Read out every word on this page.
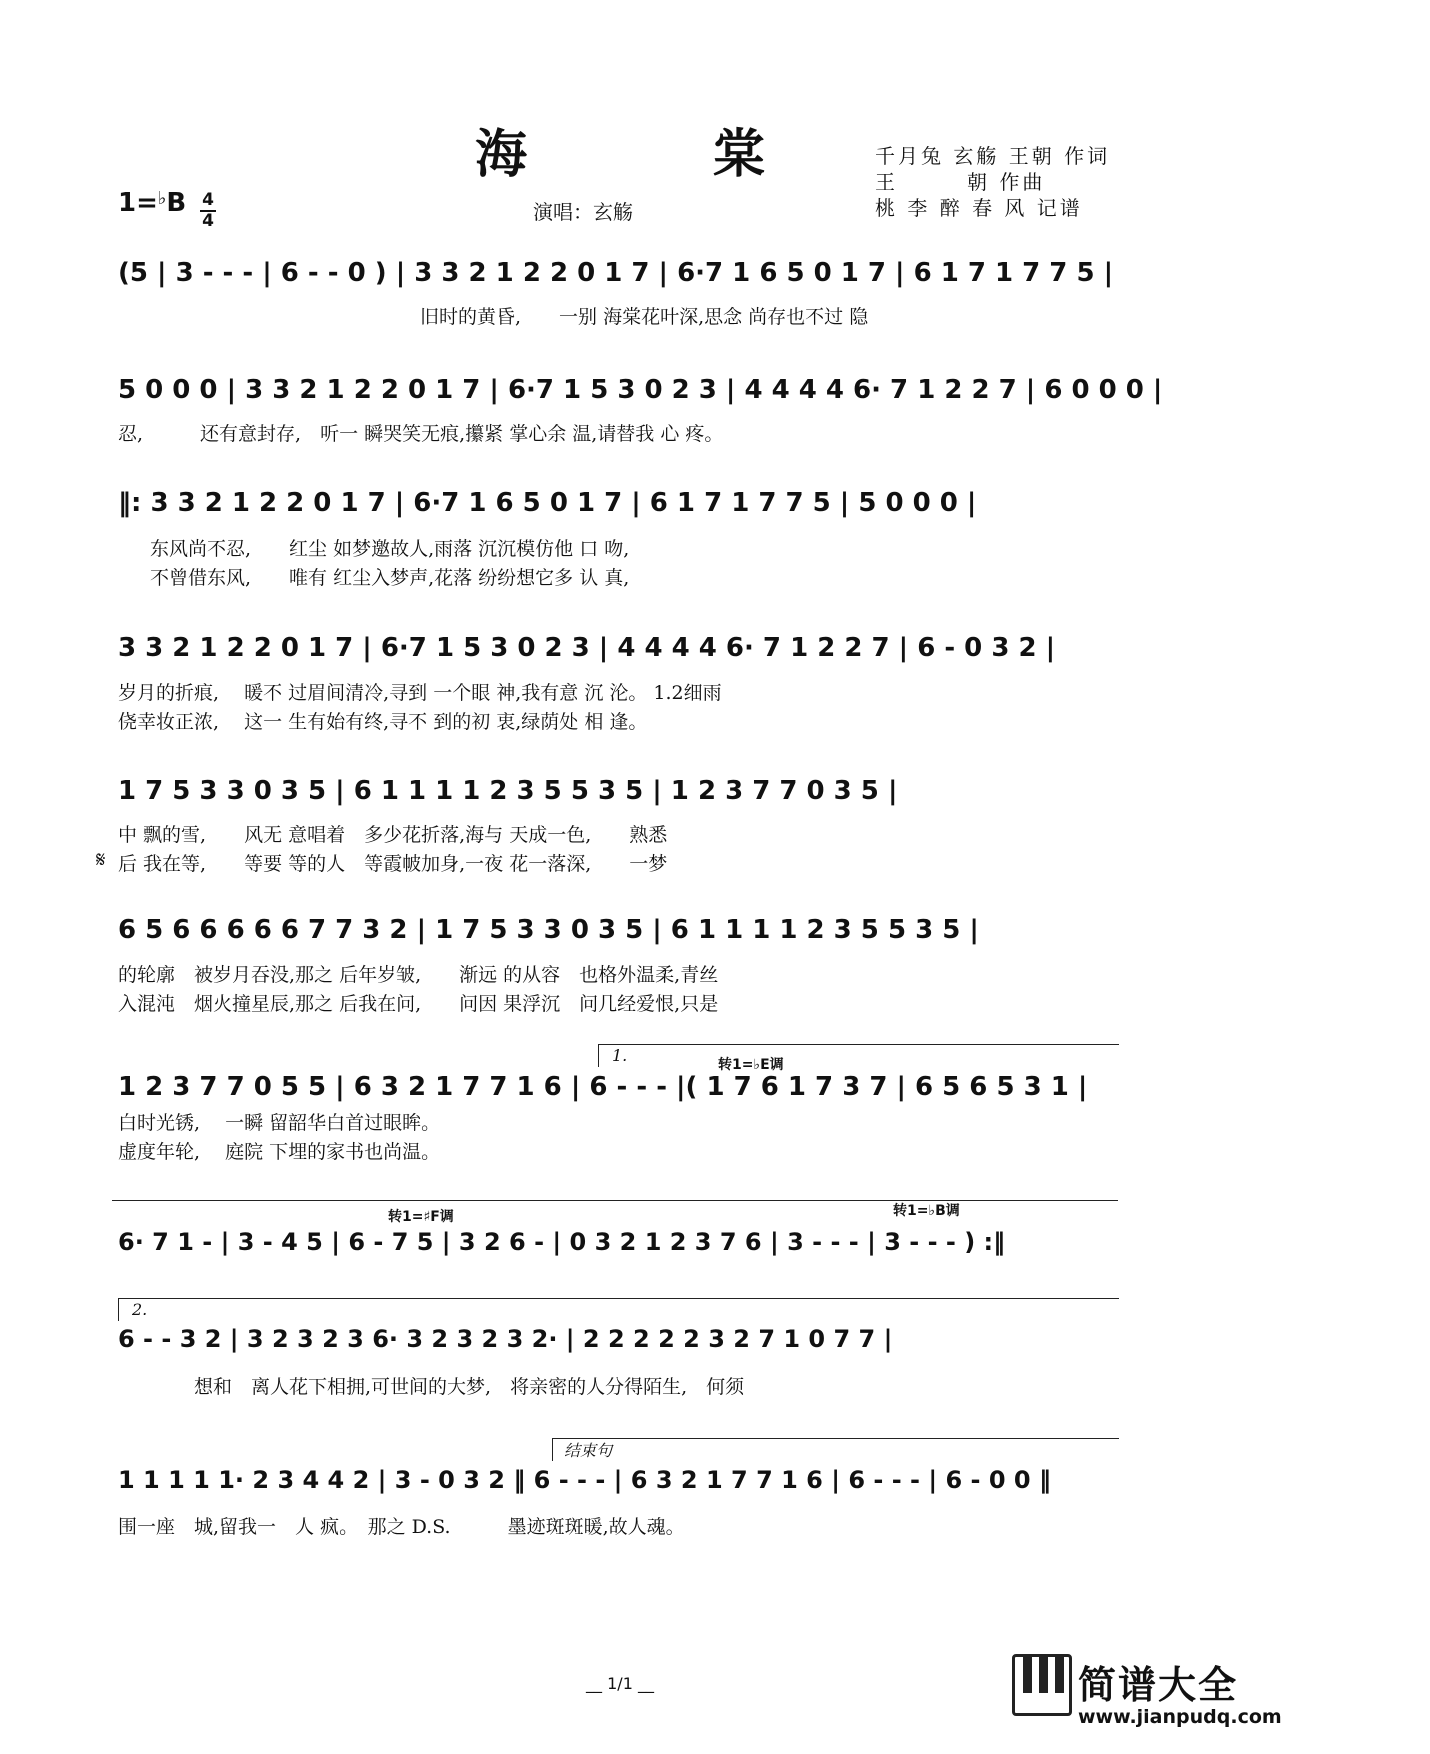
海 棠	千月兔 玄觞 王朝 作词
王　　　朝 作曲
桃 李 醉 春 风 记谱
1=♭B 4
4	演唱：玄觞
(5 | 3 - - - | 6 - - 0 ) | 3 3 2 1 2 2 0 1 7 | 6·7 1 6 5 0 1 7 | 6 1 7 1 7 7 5 |
旧时的黄昏,　　一别 海棠花叶深,思念 尚存也不过 隐
5 0 0 0 | 3 3 2 1 2 2 0 1 7 | 6·7 1 5 3 0 2 3 | 4 4 4 4 6· 7 1 2 2 7 | 6 0 0 0 |
忍,　　　还有意封存,　听一 瞬哭笑无痕,攥紧 掌心余 温,请替我 心 疼。
‖: 3 3 2 1 2 2 0 1 7 | 6·7 1 6 5 0 1 7 | 6 1 7 1 7 7 5 | 5 0 0 0 |
东风尚不忍,　　红尘 如梦邀故人,雨落 沉沉模仿他 口 吻,
不曾借东风,　　唯有 红尘入梦声,花落 纷纷想它多 认 真,
3 3 2 1 2 2 0 1 7 | 6·7 1 5 3 0 2 3 | 4 4 4 4 6· 7 1 2 2 7 | 6 - 0 3 2 |
岁月的折痕,　 暖不 过眉间清冷,寻到 一个眼 神,我有意 沉 沦。 1.2细雨
侥幸妆正浓,　 这一 生有始有终,寻不 到的初 衷,绿荫处 相 逢。
1 7 5 3 3 0 3 5 | 6 1 1 1 1 2 3 5 5 3 5 | 1 2 3 7 7 0 3 5 |
中 飘的雪,　　风无 意唱着　多少花折落,海与 天成一色,　　熟悉
𝄋 后 我在等,　　等要 等的人　等霞帔加身,一夜 花一落深,　　一梦
6 5 6 6 6 6 6 7 7 3 2 | 1 7 5 3 3 0 3 5 | 6 1 1 1 1 2 3 5 5 3 5 |
的轮廓　被岁月吞没,那之 后年岁皱,　　渐远 的从容　也格外温柔,青丝
入混沌　烟火撞星辰,那之 后我在问,　　问因 果浮沉　问几经爱恨,只是
1.	转1=♭E调
1 2 3 7 7 0 5 5 | 6 3 2 1 7 7 1 6 | 6 - - - |( 1 7 6 1 7 3 7 | 6 5 6 5 3 1 |
白时光锈,　 一瞬 留韶华白首过眼眸。
虚度年轮,　 庭院 下埋的家书也尚温。
转1=♯F调	转1=♭B调
6· 7 1 - | 3 - 4 5 | 6 - 7 5 | 3 2 6 - | 0 3 2 1 2 3 7 6 | 3 - - - | 3 - - - ) :‖
2.
6 - - 3 2 | 3 2 3 2 3 6· 3 2 3 2 3 2· | 2 2 2 2 2 3 2 7 1 0 7 7 |
　　　　想和　离人花下相拥,可世间的大梦,　将亲密的人分得陌生,　何须
结束句
1 1 1 1 1· 2 3 4 4 2 | 3 - 0 3 2 ‖ 6 - - - | 6 3 2 1 7 7 1 6 | 6 - - - | 6 - 0 0 ‖
围一座　城,留我一　人 疯。　那之 D.S.　　　墨迹斑斑暖,故人魂。
__ 1/1 __	简谱大全
www.jianpudq.com
